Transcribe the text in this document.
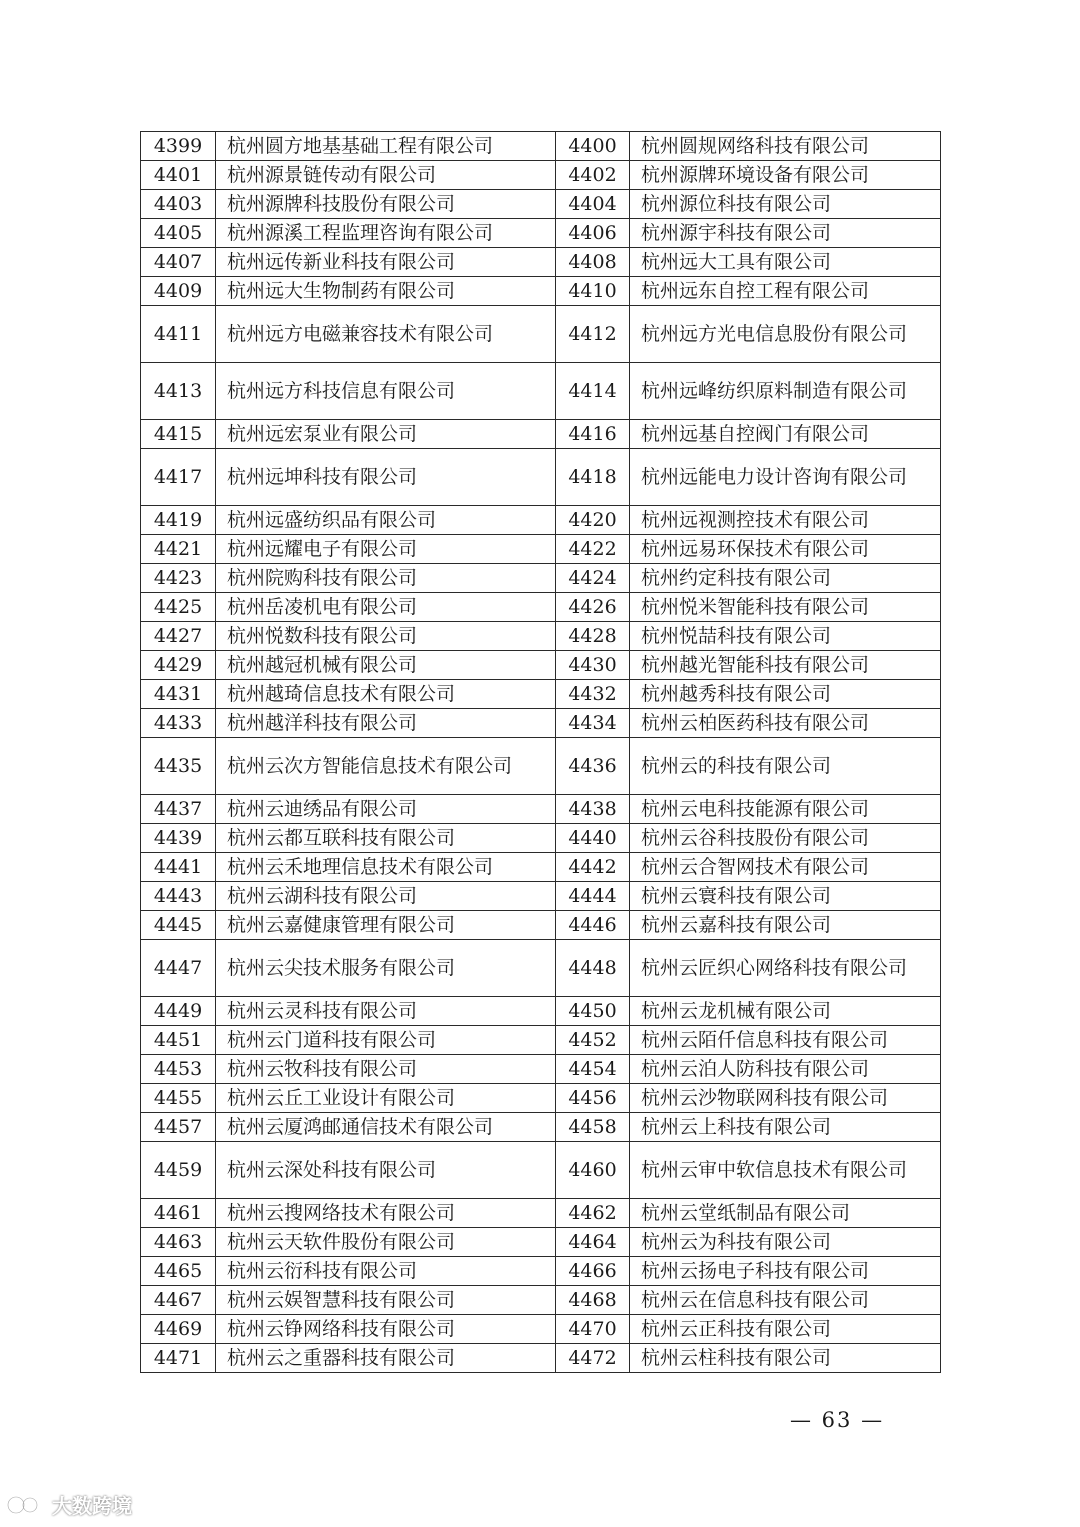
4399	杭州圆方地基基础工程有限公司	4400	杭州圆规网络科技有限公司
4401	杭州源景链传动有限公司	4402	杭州源牌环境设备有限公司
4403	杭州源牌科技股份有限公司	4404	杭州源位科技有限公司
4405	杭州源溪工程监理咨询有限公司	4406	杭州源宇科技有限公司
4407	杭州远传新业科技有限公司	4408	杭州远大工具有限公司
4409	杭州远大生物制药有限公司	4410	杭州远东自控工程有限公司
4411	杭州远方电磁兼容技术有限公司	4412	杭州远方光电信息股份有限公司
4413	杭州远方科技信息有限公司	4414	杭州远峰纺织原料制造有限公司
4415	杭州远宏泵业有限公司	4416	杭州远基自控阀门有限公司
4417	杭州远坤科技有限公司	4418	杭州远能电力设计咨询有限公司
4419	杭州远盛纺织品有限公司	4420	杭州远视测控技术有限公司
4421	杭州远耀电子有限公司	4422	杭州远易环保技术有限公司
4423	杭州院购科技有限公司	4424	杭州约定科技有限公司
4425	杭州岳凌机电有限公司	4426	杭州悦米智能科技有限公司
4427	杭州悦数科技有限公司	4428	杭州悦喆科技有限公司
4429	杭州越冠机械有限公司	4430	杭州越光智能科技有限公司
4431	杭州越琦信息技术有限公司	4432	杭州越秀科技有限公司
4433	杭州越洋科技有限公司	4434	杭州云柏医药科技有限公司
4435	杭州云次方智能信息技术有限公司	4436	杭州云的科技有限公司
4437	杭州云迪绣品有限公司	4438	杭州云电科技能源有限公司
4439	杭州云都互联科技有限公司	4440	杭州云谷科技股份有限公司
4441	杭州云禾地理信息技术有限公司	4442	杭州云合智网技术有限公司
4443	杭州云湖科技有限公司	4444	杭州云寰科技有限公司
4445	杭州云嘉健康管理有限公司	4446	杭州云嘉科技有限公司
4447	杭州云尖技术服务有限公司	4448	杭州云匠织心网络科技有限公司
4449	杭州云灵科技有限公司	4450	杭州云龙机械有限公司
4451	杭州云门道科技有限公司	4452	杭州云陌仟信息科技有限公司
4453	杭州云牧科技有限公司	4454	杭州云泊人防科技有限公司
4455	杭州云丘工业设计有限公司	4456	杭州云沙物联网科技有限公司
4457	杭州云厦鸿邮通信技术有限公司	4458	杭州云上科技有限公司
4459	杭州云深处科技有限公司	4460	杭州云审中软信息技术有限公司
4461	杭州云搜网络技术有限公司	4462	杭州云堂纸制品有限公司
4463	杭州云天软件股份有限公司	4464	杭州云为科技有限公司
4465	杭州云衍科技有限公司	4466	杭州云扬电子科技有限公司
4467	杭州云娱智慧科技有限公司	4468	杭州云在信息科技有限公司
4469	杭州云铮网络科技有限公司	4470	杭州云正科技有限公司
4471	杭州云之重器科技有限公司	4472	杭州云柱科技有限公司
— 63 —
大数跨境
